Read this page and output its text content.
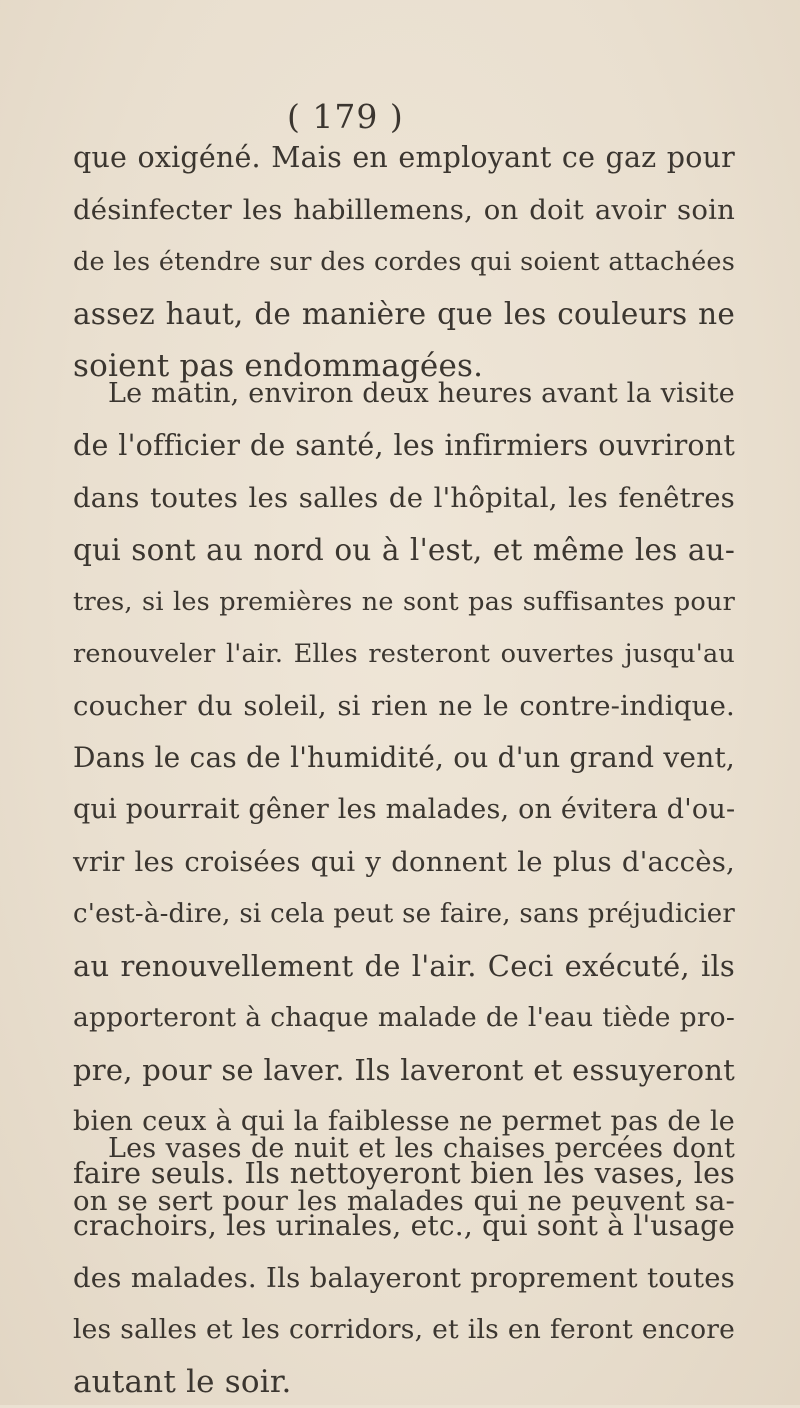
( 179 )
que oxigéné. Mais en employant ce gaz pour
désinfecter les habillemens, on doit avoir soin
de les étendre sur des cordes qui soient attachées
assez haut, de manière que les couleurs ne
soient pas endommagées.
Le matin, environ deux heures avant la visite
de l'officier de santé, les infirmiers ouvriront
dans toutes les salles de l'hôpital, les fenêtres
qui sont au nord ou à l'est, et même les au-
tres, si les premières ne sont pas suffisantes pour
renouveler l'air. Elles resteront ouvertes jusqu'au
coucher du soleil, si rien ne le contre-indique.
Dans le cas de l'humidité, ou d'un grand vent,
qui pourrait gêner les malades, on évitera d'ou-
vrir les croisées qui y donnent le plus d'accès,
c'est-à-dire, si cela peut se faire, sans préjudicier
au renouvellement de l'air. Ceci exécuté, ils
apporteront à chaque malade de l'eau tiède pro-
pre, pour se laver. Ils laveront et essuyeront
bien ceux à qui la faiblesse ne permet pas de le
faire seuls. Ils nettoyeront bien les vases, les
crachoirs, les urinales, etc., qui sont à l'usage
des malades. Ils balayeront proprement toutes
les salles et les corridors, et ils en feront encore
autant le soir.
Les vases de nuit et les chaises percées dont
on se sert pour les malades qui ne peuvent sa-
